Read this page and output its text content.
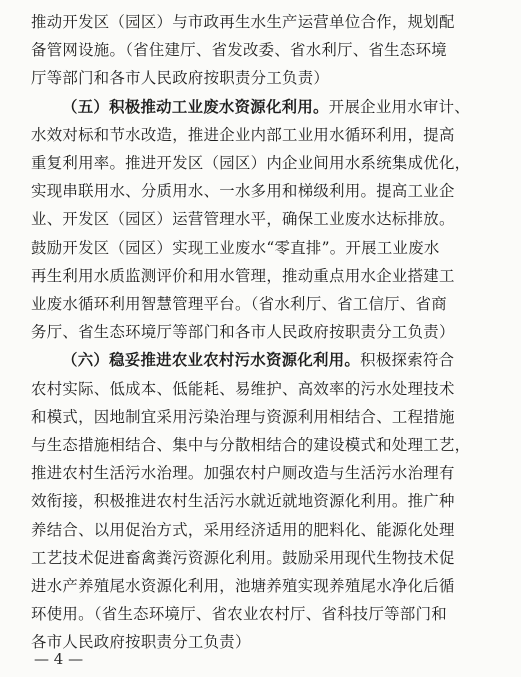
推动开发区（园区）与市政再生水生产运营单位合作，规划配
备管网设施。（省住建厅、省发改委、省水利厅、省生态环境
厅等部门和各市人民政府按职责分工负责）
（五）积极推动工业废水资源化利用。开展企业用水审计、
水效对标和节水改造，推进企业内部工业用水循环利用，提高
重复利用率。推进开发区（园区）内企业间用水系统集成优化，
实现串联用水、分质用水、一水多用和梯级利用。提高工业企
业、开发区（园区）运营管理水平，确保工业废水达标排放。
鼓励开发区（园区）实现工业废水“零直排”。开展工业废水
再生利用水质监测评价和用水管理，推动重点用水企业搭建工
业废水循环利用智慧管理平台。（省水利厅、省工信厅、省商
务厅、省生态环境厅等部门和各市人民政府按职责分工负责）
（六）稳妥推进农业农村污水资源化利用。积极探索符合
农村实际、低成本、低能耗、易维护、高效率的污水处理技术
和模式，因地制宜采用污染治理与资源利用相结合、工程措施
与生态措施相结合、集中与分散相结合的建设模式和处理工艺，
推进农村生活污水治理。加强农村户厕改造与生活污水治理有
效衔接，积极推进农村生活污水就近就地资源化利用。推广种
养结合、以用促治方式，采用经济适用的肥料化、能源化处理
工艺技术促进畜禽粪污资源化利用。鼓励采用现代生物技术促
进水产养殖尾水资源化利用，池塘养殖实现养殖尾水净化后循
环使用。（省生态环境厅、省农业农村厅、省科技厅等部门和
各市人民政府按职责分工负责）
— 4 —
